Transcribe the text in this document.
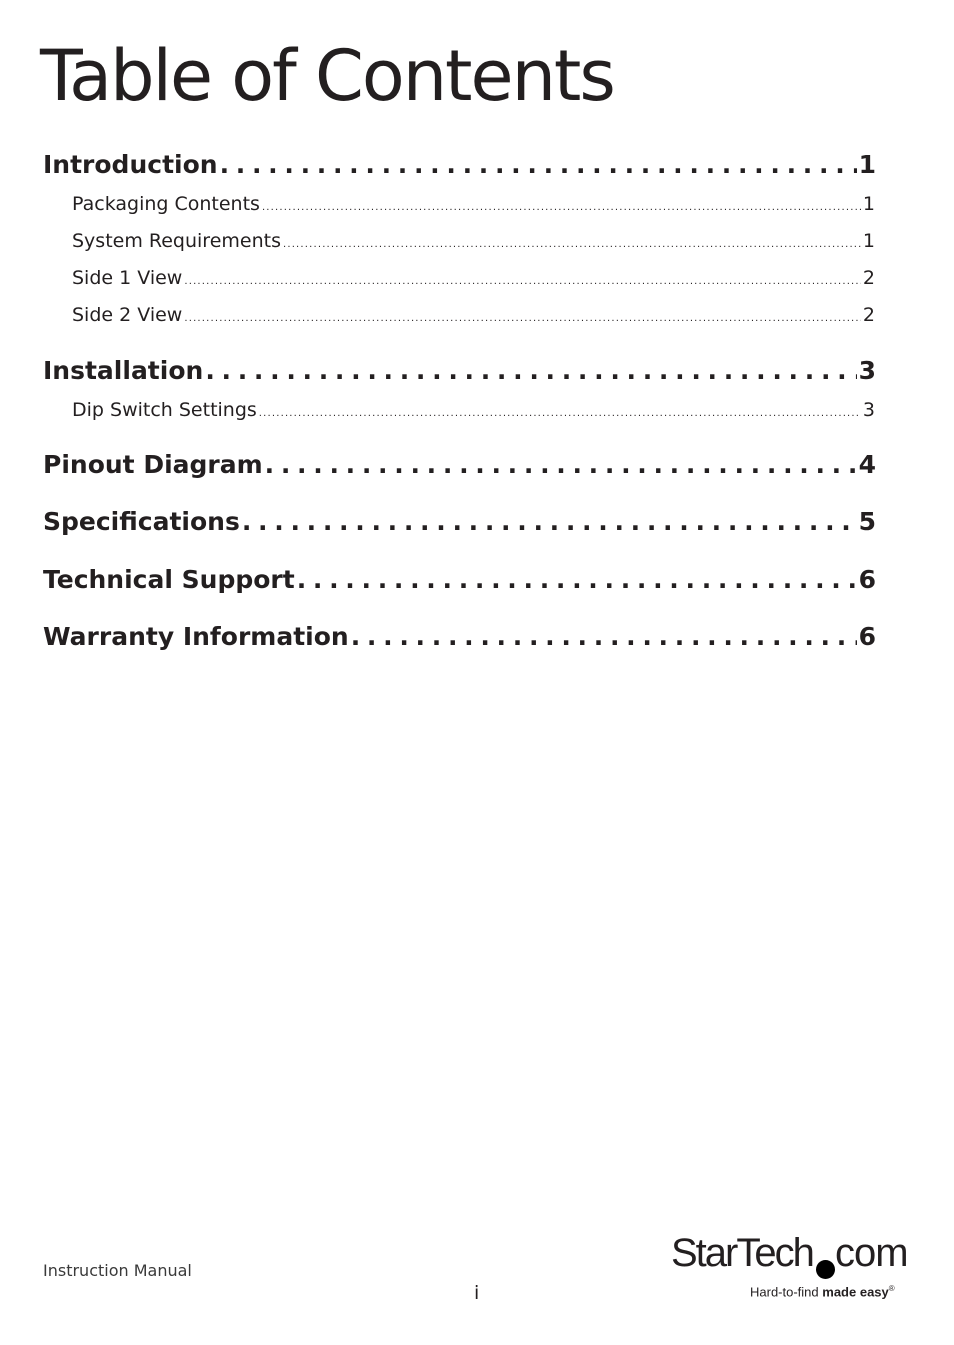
Table of Contents
Introduction . . .	1
Packaging Contents . . .	1
System Requirements . . .	1
Side 1 View . . .	2
Side 2 View . . .	2
Installation . . .	3
Dip Switch Settings . . .	3
Pinout Diagram . . .	4
Specifications . . .	5
Technical Support . . .	6
Warranty Information . . .	6
Instruction Manual
i
StarTech com
Hard-to-find made easy®
